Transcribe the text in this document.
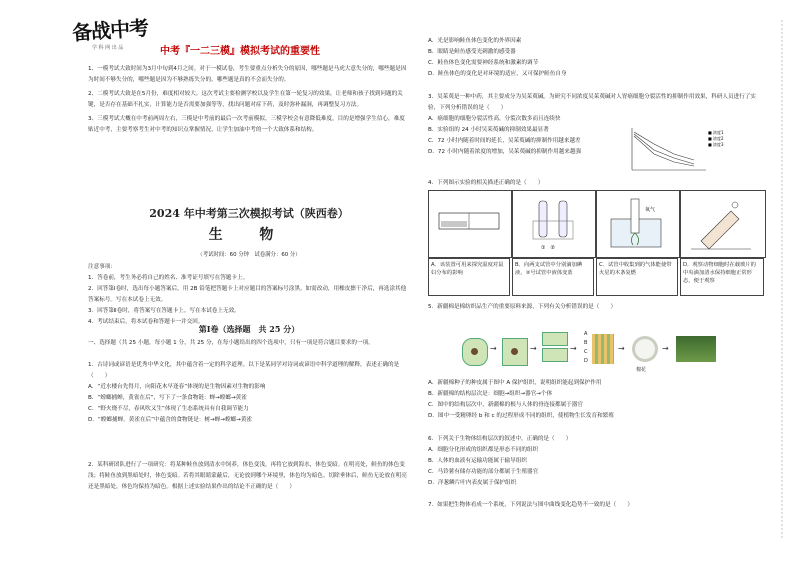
备战中考
学 科 网 出 品	中考『一二三模』模拟考试的重要性

1、一模考试大致时间为3月中旬到4月之间。对于一模试卷，考生要重点分析失分的原因，哪些题是马虎大意失分的，哪些题是因为时间不够失分的，哪些题是因为不够熟练失分的，哪些题是真的不会而失分的。

2、二模考试大致是在5月份，难度相对较大。这次考试主要检测学校以及学生在第一轮复习的效果，让老师和孩子找到问题的关键，是否存在基础不扎实，计算能力是否需要加强等等，找出问题对症下药，及时弥补漏洞，再调整复习方法。

3、三模考试大概在中考前两周左右，三模是中考前的最后一次考前模拟，三模学校会有意降低难度，目的是增强学生信心，难度贴近中考，主要考察考生对中考的知识点掌握情况，让学生加油中考的一个大致体系和结构。

2024 年中考第三次模拟考试（陕西卷）
生 物
（考试时间：60 分钟　试卷满分：60 分）

注意事项：

1．答卷前，考生务必将自己的姓名、准考证号填写在答题卡上。

2．回答第Ⅰ卷时，选出每小题答案后，用 2B 铅笔把答题卡上对应题目的答案标号涂黑。如需改动，用橡皮擦干净后，再选涂其他答案标号。写在本试卷上无效。

3．回答第Ⅱ卷时，将答案写在答题卡上。写在本试卷上无效。

4．考试结束后，将本试卷和答题卡一并交回。

第Ⅰ卷（选择题　共 25 分）

一、选择题（共 25 小题，每小题 1 分，共 25 分，在每小题给出的四个选项中，只有一项是符合题目要求的一项。

1．古诗词或谚语是优秀中华文化，其中蕴含着一定的科学道理。以下是某同学对诗词或谚语中科学道理的解释，表述正确的是（　　）

A．“近水楼台先得月，向阳花木早逢春”体现的是生物因素对生物的影响

B．“螳螂捕蝉，黄雀在后”，写下了一条食物链：蝉→螳螂→黄雀

C．“野火烧不尽，春风吹又生”体现了生态系统具有自我调节能力

D．“螳螂捕蝉，黄雀在后”中蕴含的食物链是：树→蝉→螳螂→黄雀

2．某科研团队进行了一项研究：将某种鲑鱼放到清水中饲养，体色变浅，再将它放到海水，体色变暗。在明亮处，鲑鱼的体色变浅；将鲑鱼放到黑暗处时，体色变暗。若将其眼睛蒙蔽后，无论放到哪个环境里，体色均为暗色。切除垂体后，鲑鱼无论放在明亮还是黑暗处，体色均保持为暗色。根据上述实验结果作出的结论不正确的是（　　）

A．光是影响鲑鱼体色变化的外界因素

B．眼睛是鲑鱼感受光刺激的感受器

C．鲑鱼体色变化需要神经系统和激素的调节

D．鲑鱼体色的变化是对环境的适应，又可保护鲑鱼自身

3．吴茱萸是一种中药，其主要成分为吴茱萸碱。为研究不同浓度吴茱萸碱对人胃癌细胞分裂活性的抑制作用效果，科研人员进行了实验，下列分析错误的是（　　）

A．癌细胞的细胞分裂活性高，分裂次数多而且连续快

B．实验组的 24 小时吴茱萸碱的抑制效果最显著

C．72 小时内随着时间的延长，吴茱萸碱的抑制作用越来越差

D．72 小时内随着浓度的增加，吴茱萸碱的抑制作用越来越强

■ 浓度1
■ 浓度2
■ 浓度3

4．下列图示实验的相关描述正确的是（　　）

①　②
氧气
A．该装置可用来探究温度对鼠妇分布的影响
B．向两支试管中分别滴加碘液，②号试管中液体变蓝
C．试管中收集到的气体能使带火星的木条复燃
D．观察动物细胞时在载玻片的中央滴加清水保持细胞正常形态，便于观察

5．新疆棉是棉纺织品生产的重要原料来源，下列有关分析错误的是（　　）

→	→	→
A
B
C
D
→
棉花
→

A．新疆棉种子的种皮属于图中 A 保护组织，说明组织能起到保护作用

B．新疆棉的结构层次是：细胞→组织→器官→个体

C．图中的结构层次中，新疆棉的根与人体的骨连接都属于器官

D．图中一受精卵经 b 和 c 的过程形成不同的组织，使植物生长发育和繁殖

6．下列关于生物体结构层次的叙述中，正确的是（　　）

A．细胞分化形成的组织都是形态不同的组织

B．人体的血液有运输功能属于输导组织

C．马铃薯有储存功能的部分都属于生殖器官

D．洋葱鳞片叶内表皮属于保护组织

7．如果把生物体看成一个系统，下列说法与图中曲线变化趋势不一致的是（　　）
